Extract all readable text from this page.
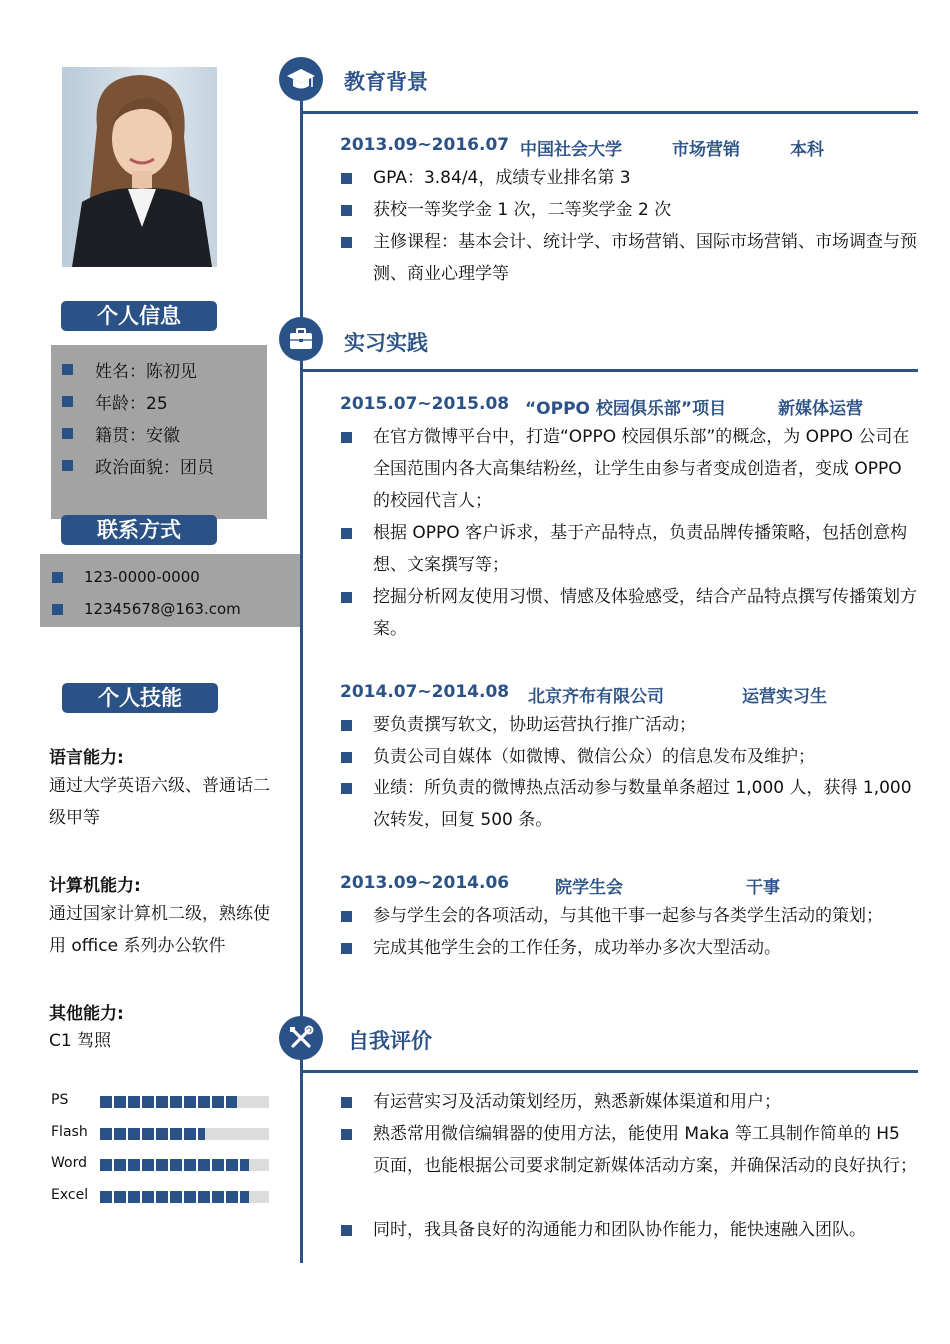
个人信息
姓名：陈初见
年龄：25
籍贯：安徽
政治面貌：团员
联系方式
123-0000-0000
12345678@163.com
个人技能
语言能力:
通过大学英语六级、普通话二级甲等
计算机能力:
通过国家计算机二级，熟练使用 office 系列办公软件
其他能力:
C1 驾照
PS
Flash
Word
Excel
教育背景
2013.09~2016.07 中国社会大学	市场营销	本科
GPA：3.84/4，成绩专业排名第 3
获校一等奖学金 1 次，二等奖学金 2 次
主修课程：基本会计、统计学、市场营销、国际市场营销、市场调查与预测、商业心理学等
实习实践
2015.07~2015.08 “OPPO 校园俱乐部”项目	新媒体运营
在官方微博平台中，打造“OPPO 校园俱乐部”的概念，为 OPPO 公司在全国范围内各大高集结粉丝，让学生由参与者变成创造者，变成 OPPO 的校园代言人；
根据 OPPO 客户诉求，基于产品特点，负责品牌传播策略，包括创意构想、文案撰写等；
挖掘分析网友使用习惯、情感及体验感受，结合产品特点撰写传播策划方案。
2014.07~2014.08 北京齐布有限公司	运营实习生
要负责撰写软文，协助运营执行推广活动；
负责公司自媒体（如微博、微信公众）的信息发布及维护；
业绩：所负责的微博热点活动参与数量单条超过 1,000 人，获得 1,000 次转发，回复 500 条。
2013.09~2014.06	院学生会	干事
参与学生会的各项活动，与其他干事一起参与各类学生活动的策划；
完成其他学生会的工作任务，成功举办多次大型活动。
自我评价
有运营实习及活动策划经历，熟悉新媒体渠道和用户；
熟悉常用微信编辑器的使用方法，能使用 Maka 等工具制作简单的 H5 页面，也能根据公司要求制定新媒体活动方案，并确保活动的良好执行；
同时，我具备良好的沟通能力和团队协作能力，能快速融入团队。
